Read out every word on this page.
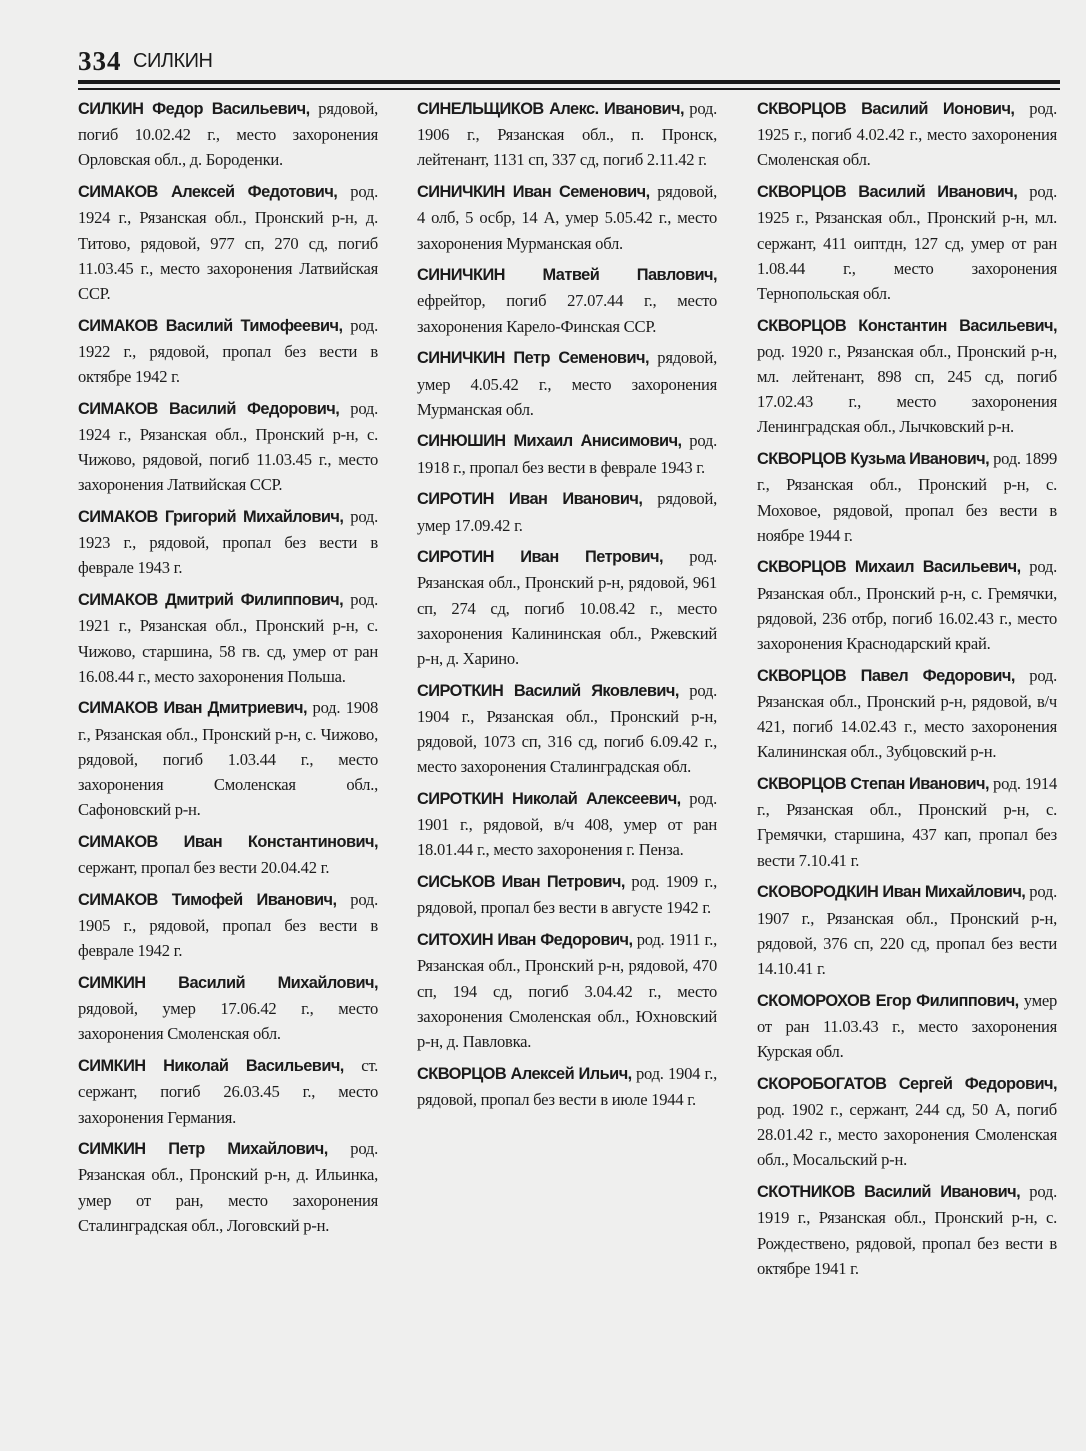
334 СИЛКИН

СИЛКИН Федор Васильевич, рядовой, погиб 10.02.42 г., место захоронения Орловская обл., д. Бороденки.

СИМАКОВ Алексей Федотович, род. 1924 г., Рязанская обл., Пронский р-н, д. Титово, рядовой, 977 сп, 270 сд, погиб 11.03.45 г., место захоронения Латвийская ССР.

СИМАКОВ Василий Тимофеевич, род. 1922 г., рядовой, пропал без вести в октябре 1942 г.

СИМАКОВ Василий Федорович, род. 1924 г., Рязанская обл., Пронский р-н, с. Чижово, рядовой, погиб 11.03.45 г., место захоронения Латвийская ССР.

СИМАКОВ Григорий Михайлович, род. 1923 г., рядовой, пропал без вести в феврале 1943 г.

СИМАКОВ Дмитрий Филиппович, род. 1921 г., Рязанская обл., Пронский р-н, с. Чижово, старшина, 58 гв. сд, умер от ран 16.08.44 г., место захоронения Польша.

СИМАКОВ Иван Дмитриевич, род. 1908 г., Рязанская обл., Пронский р-н, с. Чижово, рядовой, погиб 1.03.44 г., место захоронения Смоленская обл., Сафоновский р-н.

СИМАКОВ Иван Константинович, сержант, пропал без вести 20.04.42 г.

СИМАКОВ Тимофей Иванович, род. 1905 г., рядовой, пропал без вести в феврале 1942 г.

СИМКИН Василий Михайлович, рядовой, умер 17.06.42 г., место захоронения Смоленская обл.

СИМКИН Николай Васильевич, ст. сержант, погиб 26.03.45 г., место захоронения Германия.

СИМКИН Петр Михайлович, род. Рязанская обл., Пронский р-н, д. Ильинка, умер от ран, место захоронения Сталинградская обл., Логовский р-н.

СИНЕЛЬЩИКОВ Алекс. Иванович, род. 1906 г., Рязанская обл., п. Пронск, лейтенант, 1131 сп, 337 сд, погиб 2.11.42 г.

СИНИЧКИН Иван Семенович, рядовой, 4 олб, 5 осбр, 14 А, умер 5.05.42 г., место захоронения Мурманская обл.

СИНИЧКИН Матвей Павлович, ефрейтор, погиб 27.07.44 г., место захоронения Карело-Финская ССР.

СИНИЧКИН Петр Семенович, рядовой, умер 4.05.42 г., место захоронения Мурманская обл.

СИНЮШИН Михаил Анисимович, род. 1918 г., пропал без вести в феврале 1943 г.

СИРОТИН Иван Иванович, рядовой, умер 17.09.42 г.

СИРОТИН Иван Петрович, род. Рязанская обл., Пронский р-н, рядовой, 961 сп, 274 сд, погиб 10.08.42 г., место захоронения Калининская обл., Ржевский р-н, д. Харино.

СИРОТКИН Василий Яковлевич, род. 1904 г., Рязанская обл., Пронский р-н, рядовой, 1073 сп, 316 сд, погиб 6.09.42 г., место захоронения Сталинградская обл.

СИРОТКИН Николай Алексеевич, род. 1901 г., рядовой, в/ч 408, умер от ран 18.01.44 г., место захоронения г. Пенза.

СИСЬКОВ Иван Петрович, род. 1909 г., рядовой, пропал без вести в августе 1942 г.

СИТОХИН Иван Федорович, род. 1911 г., Рязанская обл., Пронский р-н, рядовой, 470 сп, 194 сд, погиб 3.04.42 г., место захоронения Смоленская обл., Юхновский р-н, д. Павловка.

СКВОРЦОВ Алексей Ильич, род. 1904 г., рядовой, пропал без вести в июле 1944 г.

СКВОРЦОВ Василий Ионович, род. 1925 г., погиб 4.02.42 г., место захоронения Смоленская обл.

СКВОРЦОВ Василий Иванович, род. 1925 г., Рязанская обл., Пронский р-н, мл. сержант, 411 оиптдн, 127 сд, умер от ран 1.08.44 г., место захоронения Тернопольская обл.

СКВОРЦОВ Константин Васильевич, род. 1920 г., Рязанская обл., Пронский р-н, мл. лейтенант, 898 сп, 245 сд, погиб 17.02.43 г., место захоронения Ленинградская обл., Лычковский р-н.

СКВОРЦОВ Кузьма Иванович, род. 1899 г., Рязанская обл., Пронский р-н, с. Моховое, рядовой, пропал без вести в ноябре 1944 г.

СКВОРЦОВ Михаил Васильевич, род. Рязанская обл., Пронский р-н, с. Гремячки, рядовой, 236 отбр, погиб 16.02.43 г., место захоронения Краснодарский край.

СКВОРЦОВ Павел Федорович, род. Рязанская обл., Пронский р-н, рядовой, в/ч 421, погиб 14.02.43 г., место захоронения Калининская обл., Зубцовский р-н.

СКВОРЦОВ Степан Иванович, род. 1914 г., Рязанская обл., Пронский р-н, с. Гремячки, старшина, 437 кап, пропал без вести 7.10.41 г.

СКОВОРОДКИН Иван Михайлович, род. 1907 г., Рязанская обл., Пронский р-н, рядовой, 376 сп, 220 сд, пропал без вести 14.10.41 г.

СКОМОРОХОВ Егор Филиппович, умер от ран 11.03.43 г., место захоронения Курская обл.

СКОРОБОГАТОВ Сергей Федорович, род. 1902 г., сержант, 244 сд, 50 А, погиб 28.01.42 г., место захоронения Смоленская обл., Мосальский р-н.

СКОТНИКОВ Василий Иванович, род. 1919 г., Рязанская обл., Пронский р-н, с. Рождествено, рядовой, пропал без вести в октябре 1941 г.
